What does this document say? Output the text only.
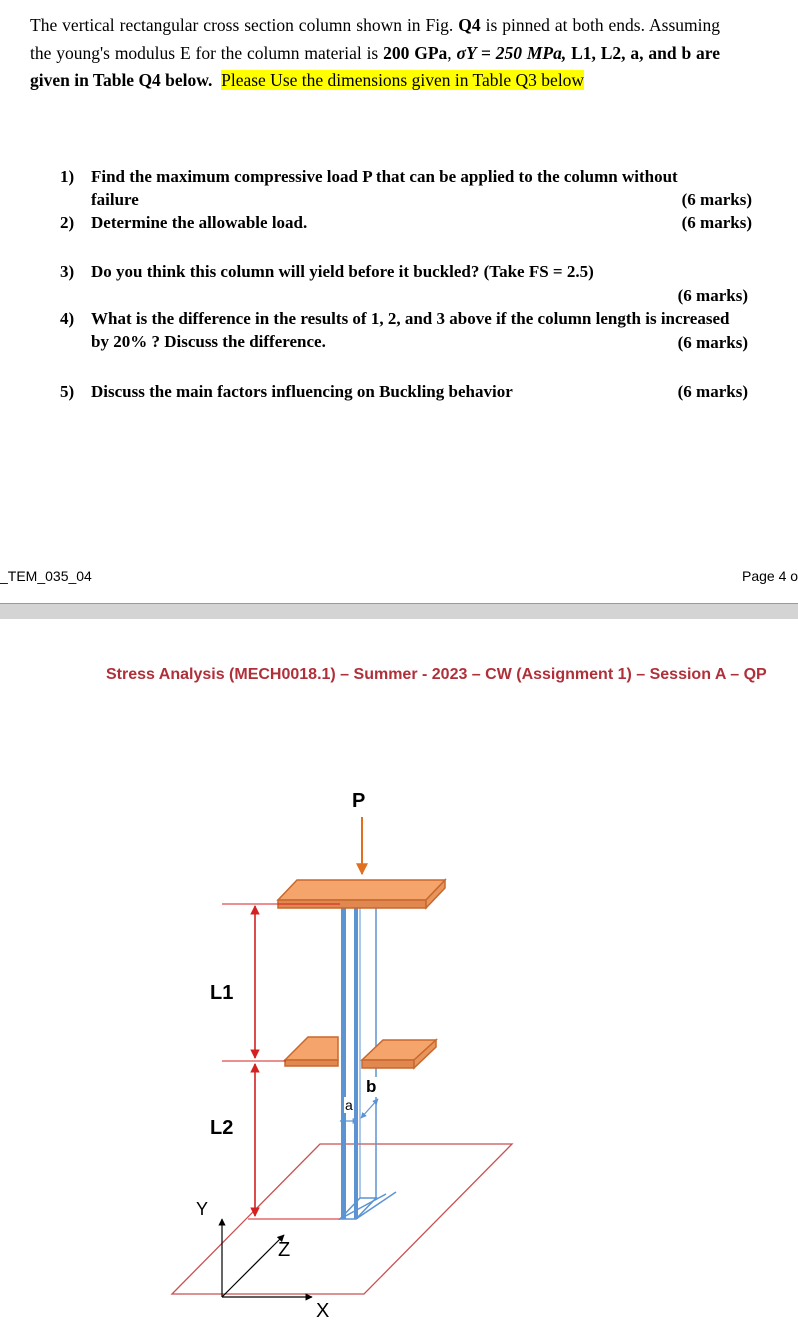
The vertical rectangular cross section column shown in Fig. Q4 is pinned at both ends. Assuming the young's modulus E for the column material is 200 GPa, σY = 250 MPa, L1, L2, a, and b are given in Table Q4 below. Please Use the dimensions given in Table Q3 below
1) Find the maximum compressive load P that can be applied to the column without failure	(6 marks)
2) Determine the allowable load.	(6 marks)
3) Do you think this column will yield before it buckled? (Take FS = 2.5)
(6 marks)
4) What is the difference in the results of 1, 2, and 3 above if the column length is increased by 20% ? Discuss the difference.	(6 marks)
5) Discuss the main factors influencing on Buckling behavior	(6 marks)
_TEM_035_04	Page 4 o
Stress Analysis (MECH0018.1) – Summer - 2023 – CW (Assignment 1) – Session A – QP
P
L1
L2
a
b
Y
Z
X
